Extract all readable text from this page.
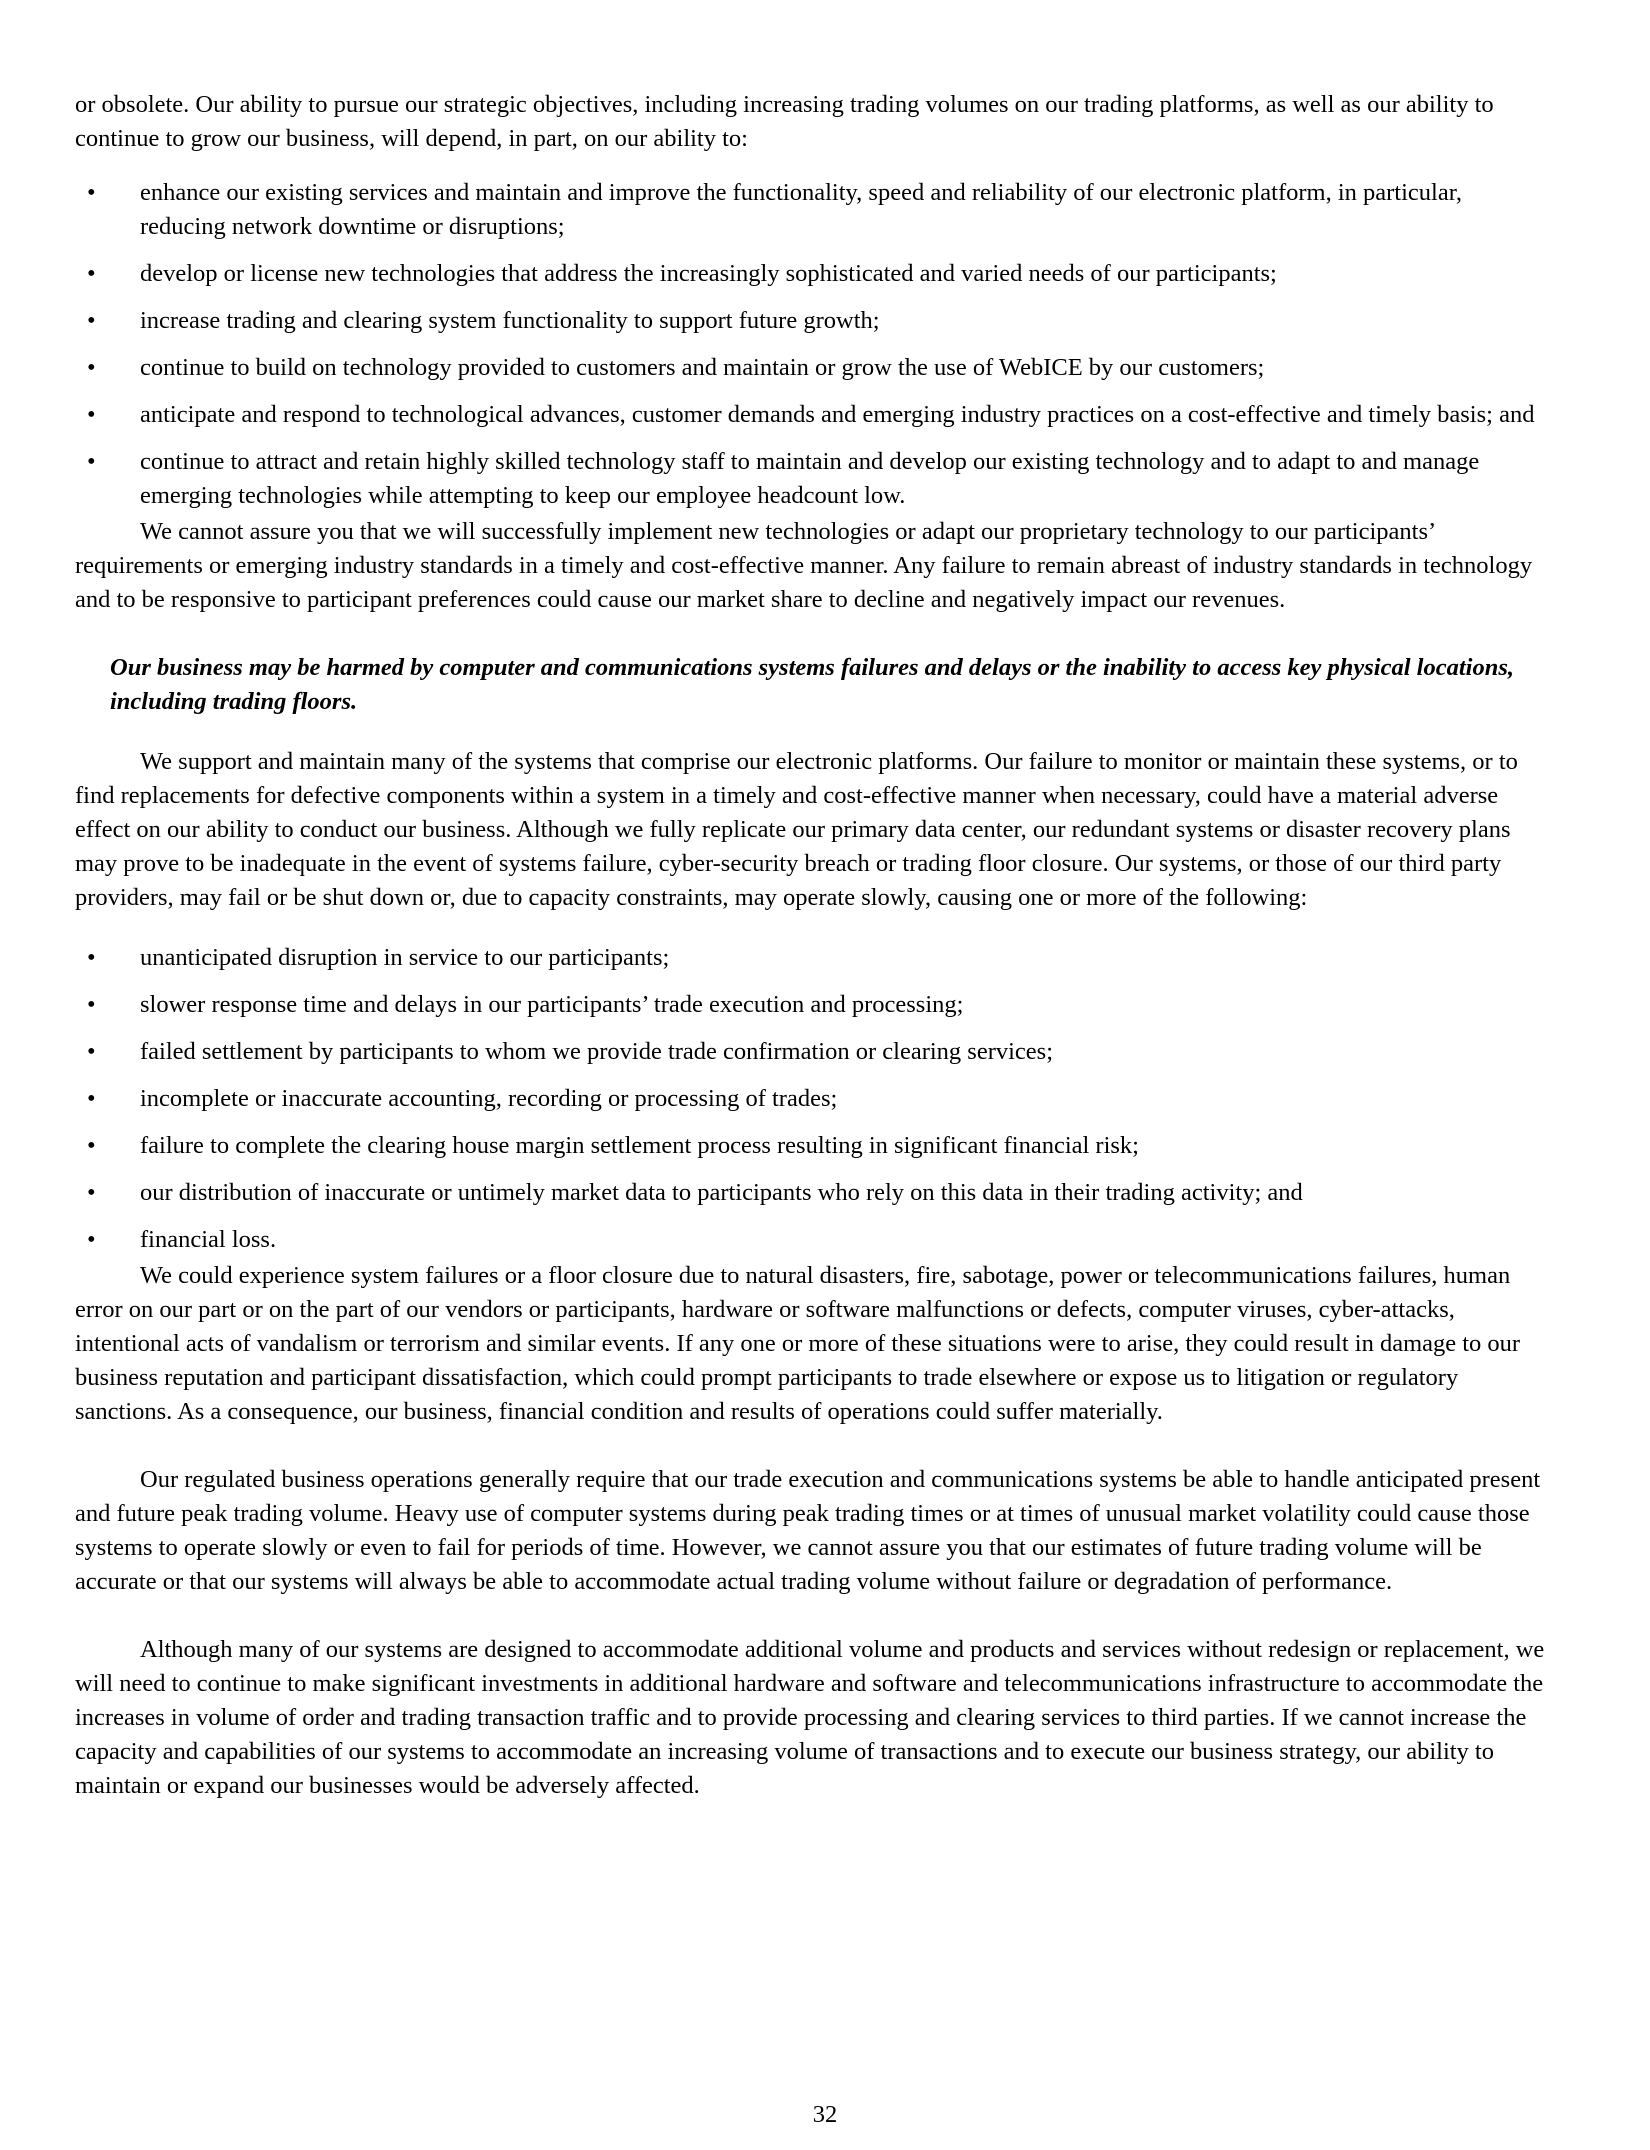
or obsolete. Our ability to pursue our strategic objectives, including increasing trading volumes on our trading platforms, as well as our ability to continue to grow our business, will depend, in part, on our ability to:

• enhance our existing services and maintain and improve the functionality, speed and reliability of our electronic platform, in particular, reducing network downtime or disruptions;
• develop or license new technologies that address the increasingly sophisticated and varied needs of our participants;
• increase trading and clearing system functionality to support future growth;
• continue to build on technology provided to customers and maintain or grow the use of WebICE by our customers;
• anticipate and respond to technological advances, customer demands and emerging industry practices on a cost-effective and timely basis; and
• continue to attract and retain highly skilled technology staff to maintain and develop our existing technology and to adapt to and manage emerging technologies while attempting to keep our employee headcount low.

We cannot assure you that we will successfully implement new technologies or adapt our proprietary technology to our participants’ requirements or emerging industry standards in a timely and cost-effective manner. Any failure to remain abreast of industry standards in technology and to be responsive to participant preferences could cause our market share to decline and negatively impact our revenues.

Our business may be harmed by computer and communications systems failures and delays or the inability to access key physical locations, including trading floors.

We support and maintain many of the systems that comprise our electronic platforms. Our failure to monitor or maintain these systems, or to find replacements for defective components within a system in a timely and cost-effective manner when necessary, could have a material adverse effect on our ability to conduct our business. Although we fully replicate our primary data center, our redundant systems or disaster recovery plans may prove to be inadequate in the event of systems failure, cyber-security breach or trading floor closure. Our systems, or those of our third party providers, may fail or be shut down or, due to capacity constraints, may operate slowly, causing one or more of the following:

• unanticipated disruption in service to our participants;
• slower response time and delays in our participants’ trade execution and processing;
• failed settlement by participants to whom we provide trade confirmation or clearing services;
• incomplete or inaccurate accounting, recording or processing of trades;
• failure to complete the clearing house margin settlement process resulting in significant financial risk;
• our distribution of inaccurate or untimely market data to participants who rely on this data in their trading activity; and
• financial loss.

We could experience system failures or a floor closure due to natural disasters, fire, sabotage, power or telecommunications failures, human error on our part or on the part of our vendors or participants, hardware or software malfunctions or defects, computer viruses, cyber-attacks, intentional acts of vandalism or terrorism and similar events. If any one or more of these situations were to arise, they could result in damage to our business reputation and participant dissatisfaction, which could prompt participants to trade elsewhere or expose us to litigation or regulatory sanctions. As a consequence, our business, financial condition and results of operations could suffer materially.

Our regulated business operations generally require that our trade execution and communications systems be able to handle anticipated present and future peak trading volume. Heavy use of computer systems during peak trading times or at times of unusual market volatility could cause those systems to operate slowly or even to fail for periods of time. However, we cannot assure you that our estimates of future trading volume will be accurate or that our systems will always be able to accommodate actual trading volume without failure or degradation of performance.

Although many of our systems are designed to accommodate additional volume and products and services without redesign or replacement, we will need to continue to make significant investments in additional hardware and software and telecommunications infrastructure to accommodate the increases in volume of order and trading transaction traffic and to provide processing and clearing services to third parties. If we cannot increase the capacity and capabilities of our systems to accommodate an increasing volume of transactions and to execute our business strategy, our ability to maintain or expand our businesses would be adversely affected.

32
